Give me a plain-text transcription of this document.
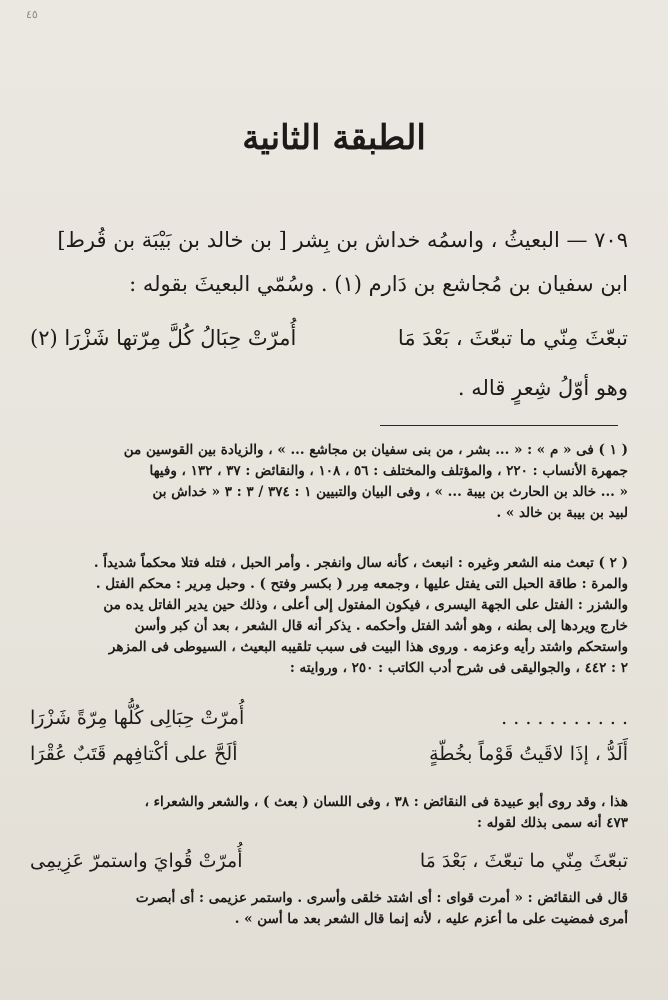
٤٥
الطبقة الثانية

٧٠٩ — البعيثُ ، واسمُه خداش بن بِشر [ بن خالد بن بَيْبَة بن قُرط]

ابن سفيان بن مُجاشع بن دَارم (١) . وسُمّي البعيثَ بقوله :

تبعّثَ مِنّي ما تبعّثَ ، بَعْدَ مَا
أُمرّتْ حِبَالُ كُلَّ مِرّتها شَزْرَا (٢)
وهو أوّلُ شِعرٍ قاله .

( ١ ) فى « م » : « ... بشر ، من بنى سفيان بن مجاشع ... » ، والزيادة بين القوسين من

جمهرة الأنساب : ٢٢٠ ، والمؤتلف والمختلف : ٥٦ ، ١٠٨ ، والنقائض : ٣٧ ، ١٣٢ ، وفيها

« ... خالد بن الحارث بن بيبة ... » ، وفى البيان والتبيين ١ : ٣٧٤ / ٣ : ٣ « خداش بن

لبيد بن بيبة بن خالد » .

( ٢ ) تبعث منه الشعر وغيره : انبعث ، كأنه سال وانفجر . وأمر الحبل ، فتله فتلا محكماً شديداً .

والمرة : طاقة الحبل التى يفتل عليها ، وجمعه مِرر ( بكسر وفتح ) . وحبل مِرير : محكم الفتل .

والشزر : الفتل على الجهة اليسرى ، فيكون المفتول إلى أعلى ، وذلك حين يدير الفاتل يده من

خارج ويردها إلى بطنه ، وهو أشد الفتل وأحكمه . يذكر أنه قال الشعر ، بعد أن كبر وأسن

واستحكم واشتد رأيه وعزمه . وروى هذا البيت فى سبب تلقيبه البعيث ، السيوطى فى المزهر

٢ : ٤٤٢ ، والجواليقى فى شرح أدب الكاتب : ٢٥٠ ، وروايته :

. . . . . . . . . . .
أُمرّتْ حِبَالِى كُلُّها مِرّةً شَزْرَا
أَلَدُّ ، إذَا لاقَيتُ قَوْماً بخُطّةٍ
ألَحَّ على أكْتافِهم قَتَبٌ عُقْرَا

هذا ، وقد روى أبو عبيدة فى النقائض : ٣٨ ، وفى اللسان ( بعث ) ، والشعر والشعراء ،

٤٧٣ أنه سمى بذلك لقوله :

تبعّثَ مِنّي ما تبعّثَ ، بَعْدَ مَا
أُمرّتْ قُوايَ واستمرّ عَزِيمِى

قال فى النقائض : « أمرت قواى : أى اشتد خلقى وأسرى . واستمر عزيمى : أى أبصرت

أمرى فمضيت على ما أعزم عليه ، لأنه إنما قال الشعر بعد ما أسن » .
